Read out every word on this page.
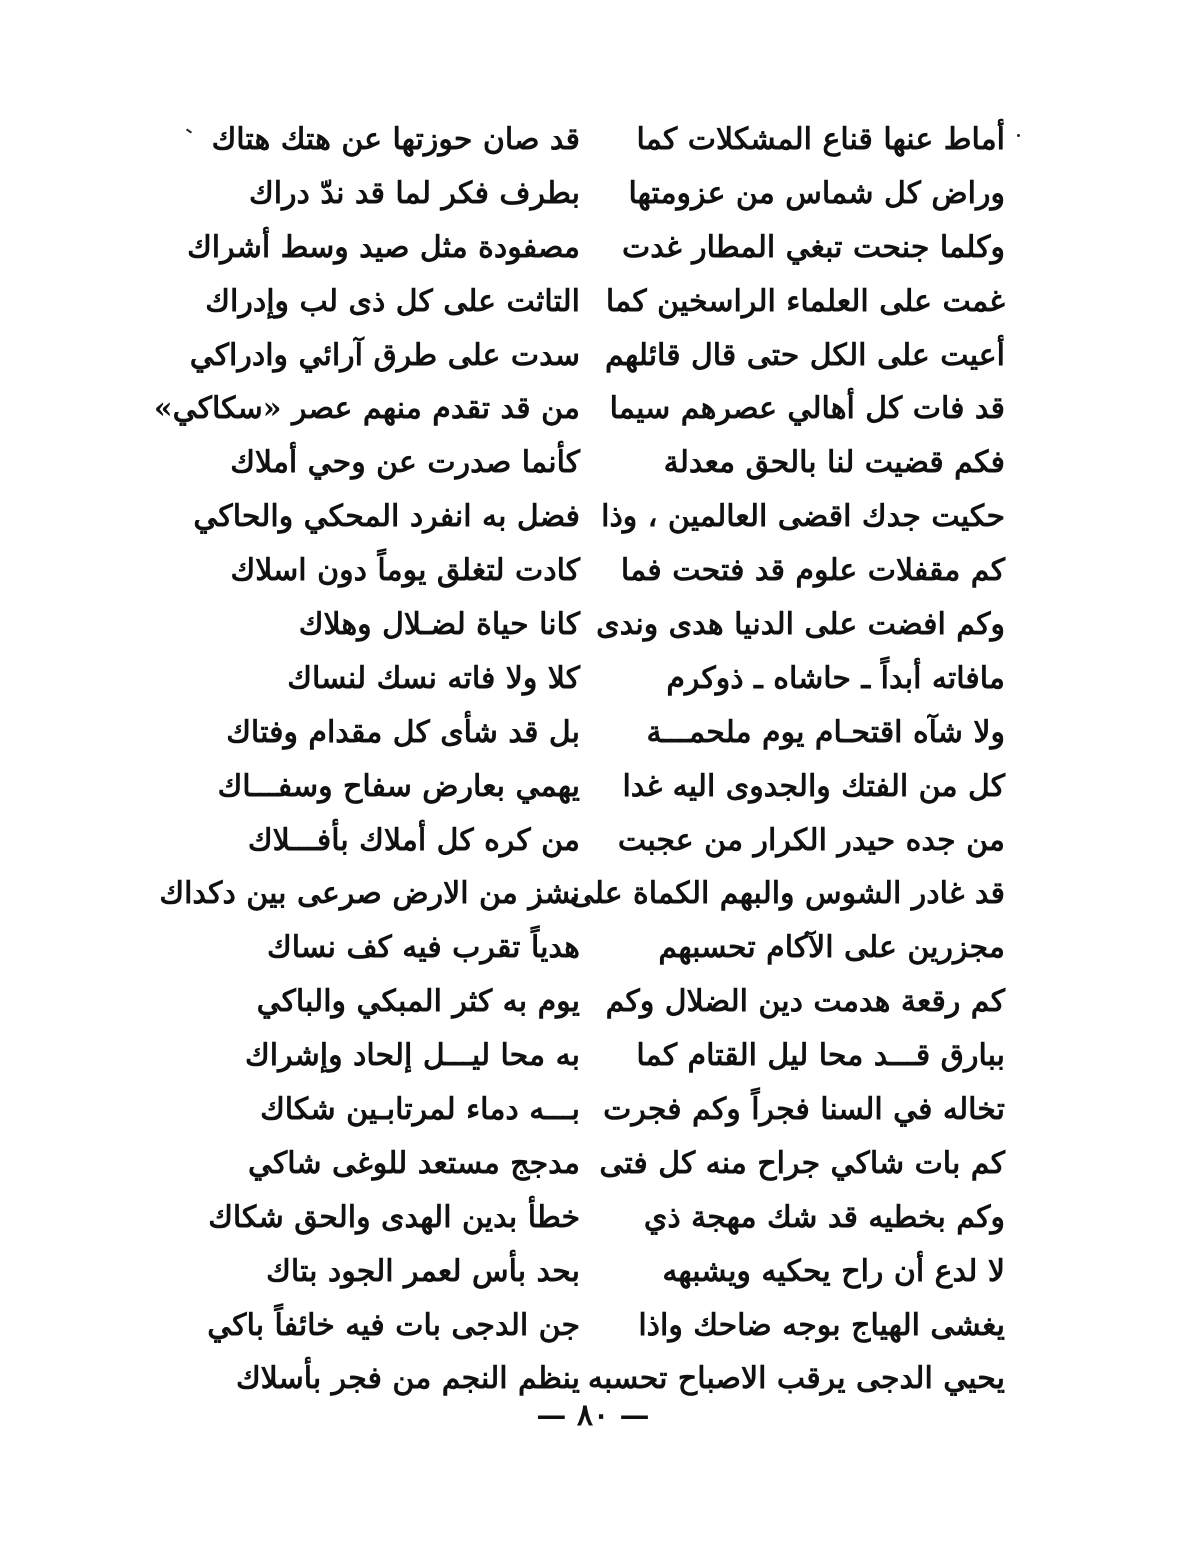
أماط عنها قناع المشكلات كما
قد صان حوزتها عن هتك هتاك
وراض كل شماس من عزومتها
بطرف فكر لما قد ندّ دراك
وكلما جنحت تبغي المطار غدت
مصفودة مثل صيد وسط أشراك
غمت على العلماء الراسخين كما
التاثت على كل ذى لب وإدراك
أعيت على الكل حتى قال قائلهم
سدت على طرق آرائي وادراكي
قد فات كل أهالي عصرهم سيما
من قد تقدم منهم عصر «سكاكي»
فكم قضيت لنا بالحق معدلة
كأنما صدرت عن وحي أملاك
حكيت جدك اقضى العالمين ، وذا
فضل به انفرد المحكي والحاكي
كم مقفلات علوم قد فتحت فما
كادت لتغلق يوماً دون اسلاك
وكم افضت على الدنيا هدى وندى
كانا حياة لضـلال وهلاك
مافاته أبداً ـ حاشاه ـ ذوكرم
كلا ولا فاته نسك لنساك
ولا شآه اقتحـام يوم ملحمـــة
بل قد شأى كل مقدام وفتاك
كل من الفتك والجدوى اليه غدا
يهمي بعارض سفاح وسفـــاك
من جده حيدر الكرار من عجبت
من كره كل أملاك بأفـــلاك
قد غادر الشوس والبهم الكماة على
نشز من الارض صرعى بين دكداك
مجزرين على الآكام تحسبهم
هدياً تقرب فيه كف نساك
كم رقعة هدمت دين الضلال وكم
يوم به كثر المبكي والباكي
ببارق قـــد محا ليل القتام كما
به محا ليـــل إلحاد وإشراك
تخاله في السنا فجراً وكم فجرت
بـــه دماء لمرتابـين شكاك
كم بات شاكي جراح منه كل فتى
مدجج مستعد للوغى شاكي
وكم بخطيه قد شك مهجة ذي
خطأ بدين الهدى والحق شكاك
لا لدع أن راح يحكيه ويشبهه
بحد بأس لعمر الجود بتاك
يغشى الهياج بوجه ضاحك واذا
جن الدجى بات فيه خائفاً باكي
يحيي الدجى يرقب الاصباح تحسبه
ينظم النجم من فجر بأسلاك
— ٨٠ —
